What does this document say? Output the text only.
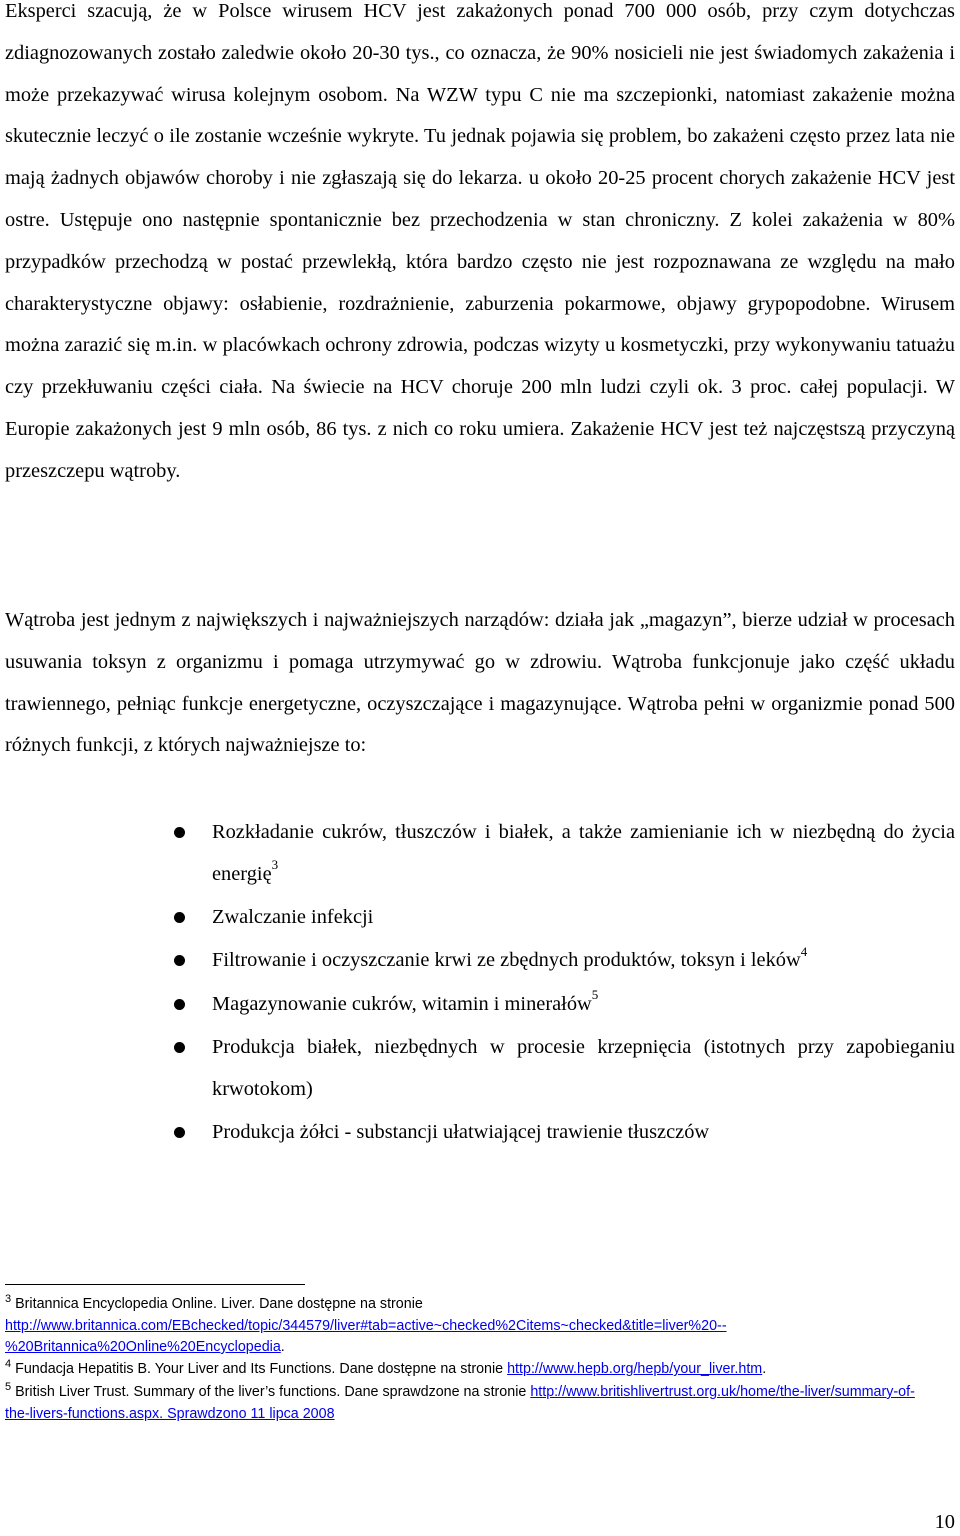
Eksperci szacują, że w Polsce wirusem HCV jest zakażonych ponad 700 000 osób, przy czym dotychczas zdiagnozowanych zostało zaledwie około 20-30 tys., co oznacza, że 90% nosicieli nie jest świadomych zakażenia i może przekazywać wirusa kolejnym osobom. Na WZW typu C nie ma szczepionki, natomiast zakażenie można skutecznie leczyć o ile zostanie wcześnie wykryte. Tu jednak pojawia się problem, bo zakażeni często przez lata nie mają żadnych objawów choroby i nie zgłaszają się do lekarza. u około 20-25 procent chorych zakażenie HCV jest ostre. Ustępuje ono następnie spontanicznie bez przechodzenia w stan chroniczny. Z kolei zakażenia w 80% przypadków przechodzą w postać przewlekłą, która bardzo często nie jest rozpoznawana ze względu na mało charakterystyczne objawy: osłabienie, rozdrażnienie, zaburzenia pokarmowe, objawy grypopodobne. Wirusem można zarazić się m.in. w placówkach ochrony zdrowia, podczas wizyty u kosmetyczki, przy wykonywaniu tatuażu czy przekłuwaniu części ciała. Na świecie na HCV choruje 200 mln ludzi czyli ok. 3 proc. całej populacji. W Europie zakażonych jest 9 mln osób, 86 tys. z nich co roku umiera. Zakażenie HCV jest też najczęstszą przyczyną przeszczepu wątroby.

Wątroba jest jednym z największych i najważniejszych narządów: działa jak „magazyn”, bierze udział w procesach usuwania toksyn z organizmu i pomaga utrzymywać go w zdrowiu. Wątroba funkcjonuje jako część układu trawiennego, pełniąc funkcje energetyczne, oczyszczające i magazynujące. Wątroba pełni w organizmie ponad 500 różnych funkcji, z których najważniejsze to:

Rozkładanie cukrów, tłuszczów i białek, a także zamienianie ich w niezbędną do życia energię$^3$
Zwalczanie infekcji
Filtrowanie i oczyszczanie krwi ze zbędnych produktów, toksyn i leków$^4$
Magazynowanie cukrów, witamin i minerałów$^5$
Produkcja białek, niezbędnych w procesie krzepnięcia (istotnych przy zapobieganiu krwotokom)
Produkcja żółci - substancji ułatwiającej trawienie tłuszczów
$^3$ Britannica Encyclopedia Online. Liver. Dane dostępne na stronie http://www.britannica.com/EBchecked/topic/344579/liver#tab=active~checked%2Citems~checked&title=liver%20--%20Britannica%20Online%20Encyclopedia.
$^4$ Fundacja Hepatitis B. Your Liver and Its Functions. Dane dostępne na stronie http://www.hepb.org/hepb/your_liver.htm.
$^5$ British Liver Trust. Summary of the liver’s functions. Dane sprawdzone na stronie http://www.britishlivertrust.org.uk/home/the-liver/summary-of-the-livers-functions.aspx. Sprawdzono 11 lipca 2008
10
